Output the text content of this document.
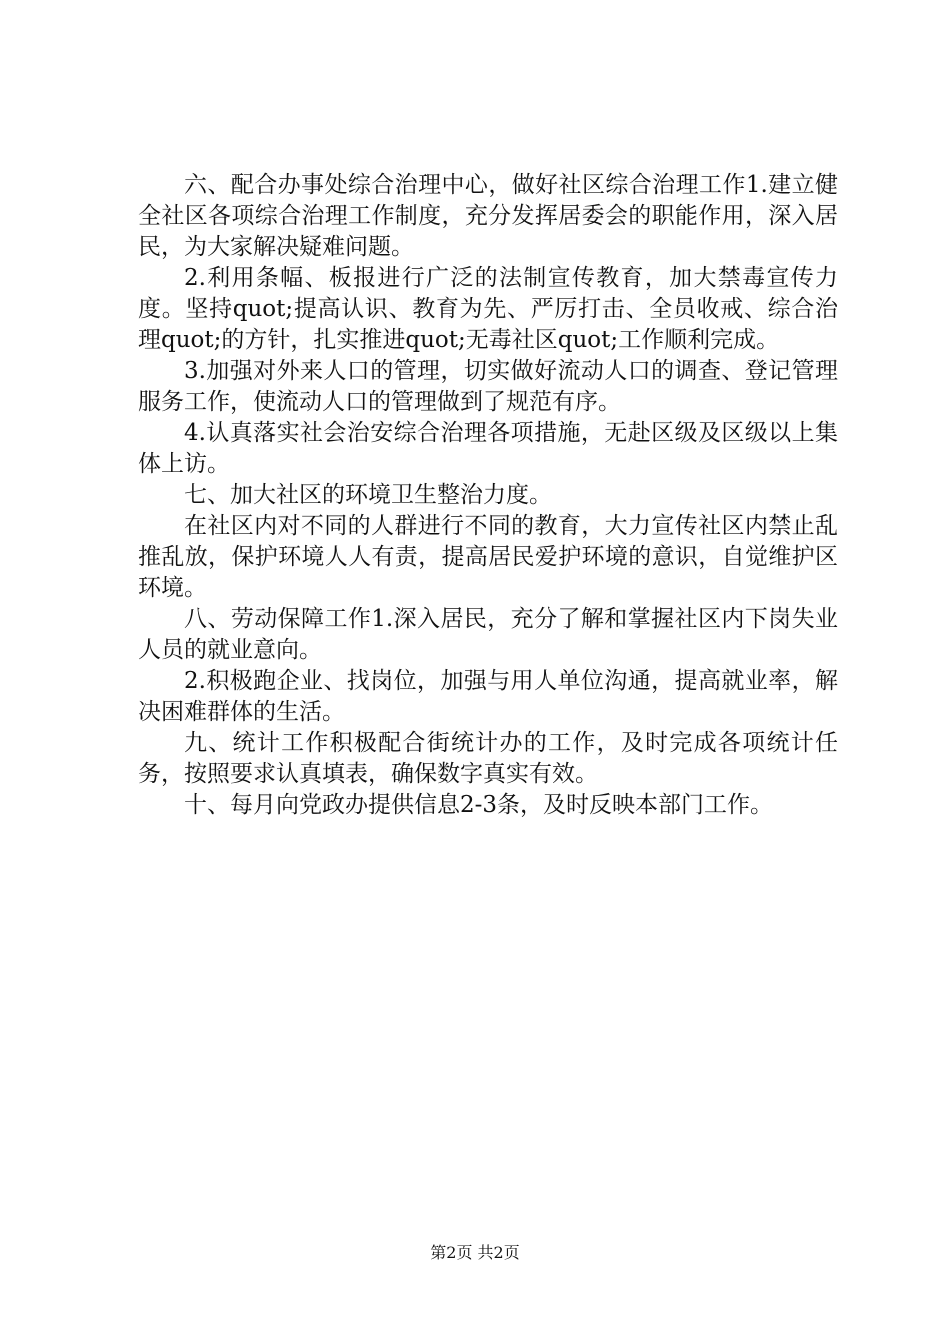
六、配合办事处综合治理中心，做好社区综合治理工作1.建立健全社区各项综合治理工作制度，充分发挥居委会的职能作用，深入居民，为大家解决疑难问题。

2.利用条幅、板报进行广泛的法制宣传教育，加大禁毒宣传力度。坚持quot;提高认识、教育为先、严厉打击、全员收戒、综合治理quot;的方针，扎实推进quot;无毒社区quot;工作顺利完成。

3.加强对外来人口的管理，切实做好流动人口的调查、登记管理服务工作，使流动人口的管理做到了规范有序。

4.认真落实社会治安综合治理各项措施，无赴区级及区级以上集体上访。

七、加大社区的环境卫生整治力度。

在社区内对不同的人群进行不同的教育，大力宣传社区内禁止乱推乱放，保护环境人人有责，提高居民爱护环境的意识，自觉维护区环境。

八、劳动保障工作1.深入居民，充分了解和掌握社区内下岗失业人员的就业意向。

2.积极跑企业、找岗位，加强与用人单位沟通，提高就业率，解决困难群体的生活。

九、统计工作积极配合街统计办的工作，及时完成各项统计任务，按照要求认真填表，确保数字真实有效。

十、每月向党政办提供信息2-3条，及时反映本部门工作。

第2页 共2页
